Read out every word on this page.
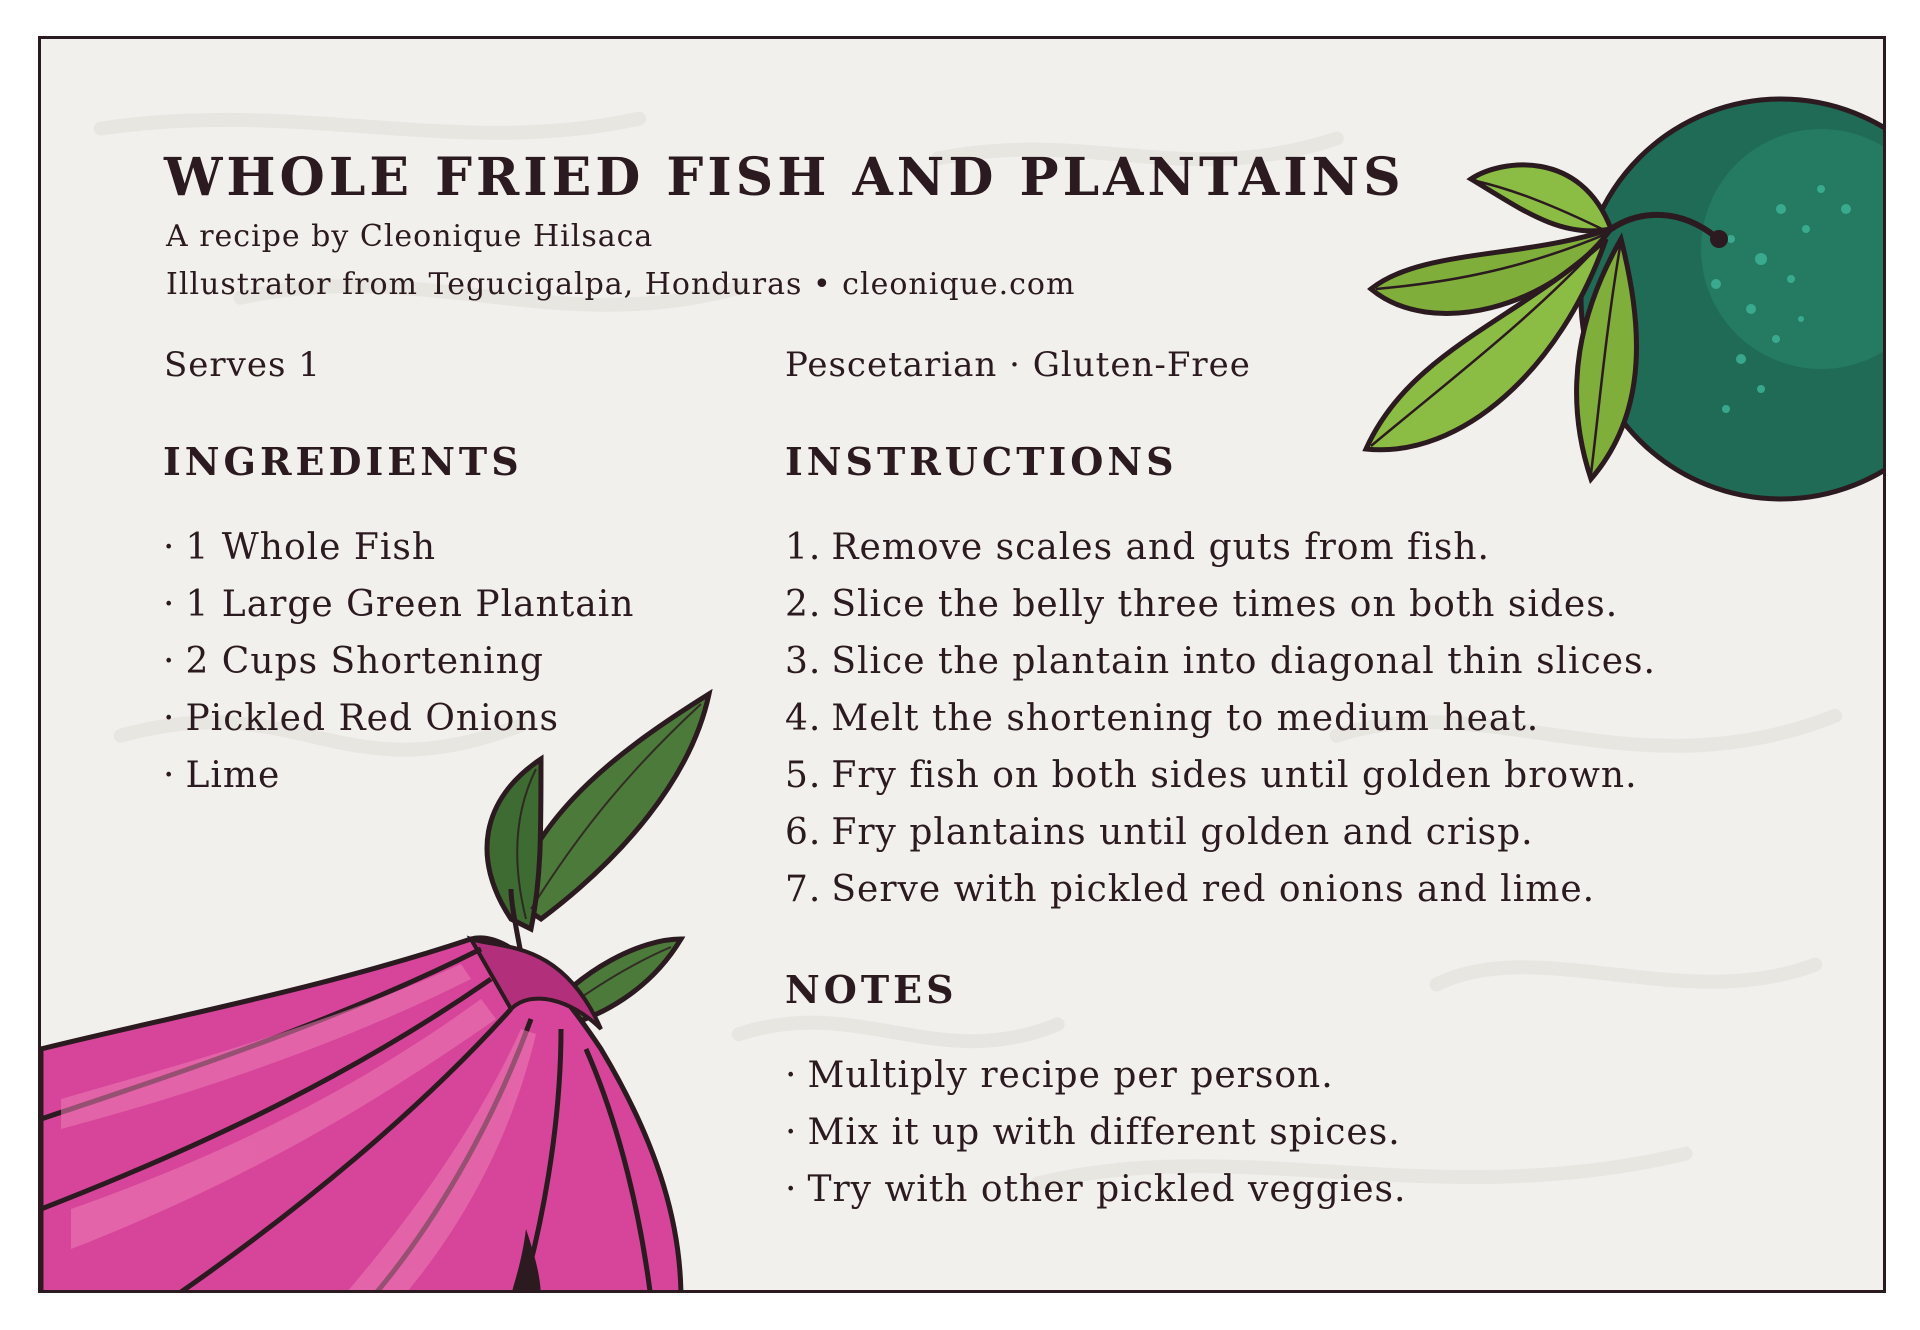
WHOLE FRIED FISH AND PLANTAINS
A recipe by Cleonique Hilsaca
Illustrator from Tegucigalpa, Honduras • cleonique.com
Serves 1	Pescetarian · Gluten-Free
INGREDIENTS
· 1 Whole Fish
· 1 Large Green Plantain
· 2 Cups Shortening
· Pickled Red Onions
· Lime
INSTRUCTIONS
1. Remove scales and guts from fish.
2. Slice the belly three times on both sides.
3. Slice the plantain into diagonal thin slices.
4. Melt the shortening to medium heat.
5. Fry fish on both sides until golden brown.
6. Fry plantains until golden and crisp.
7. Serve with pickled red onions and lime.
NOTES
· Multiply recipe per person.
· Mix it up with different spices.
· Try with other pickled veggies.
